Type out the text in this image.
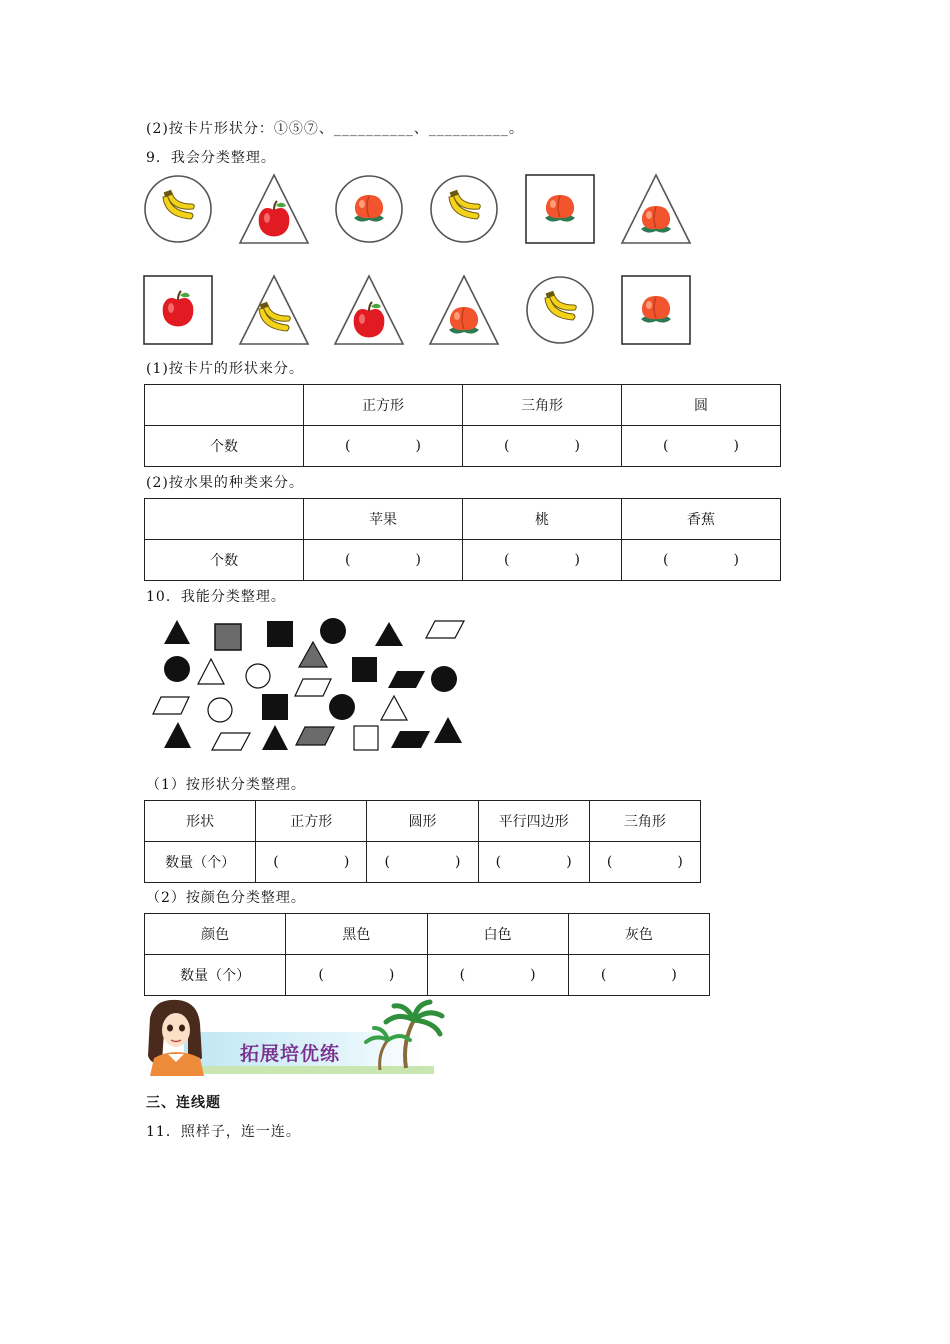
(2)按卡片形状分：①⑤⑦、__________、__________。
9．我会分类整理。
(1)按卡片的形状来分。
	正方形	三角形	圆
个数	( )	( )	( )
(2)按水果的种类来分。
	苹果	桃	香蕉
个数	( )	( )	( )
10．我能分类整理。
（1）按形状分类整理。
形状	正方形	圆形	平行四边形	三角形
数量（个）	( )	( )	( )	( )
（2）按颜色分类整理。
颜色	黑色	白色	灰色
数量（个）	( )	( )	( )
拓展培优练
三、连线题
11．照样子，连一连。
